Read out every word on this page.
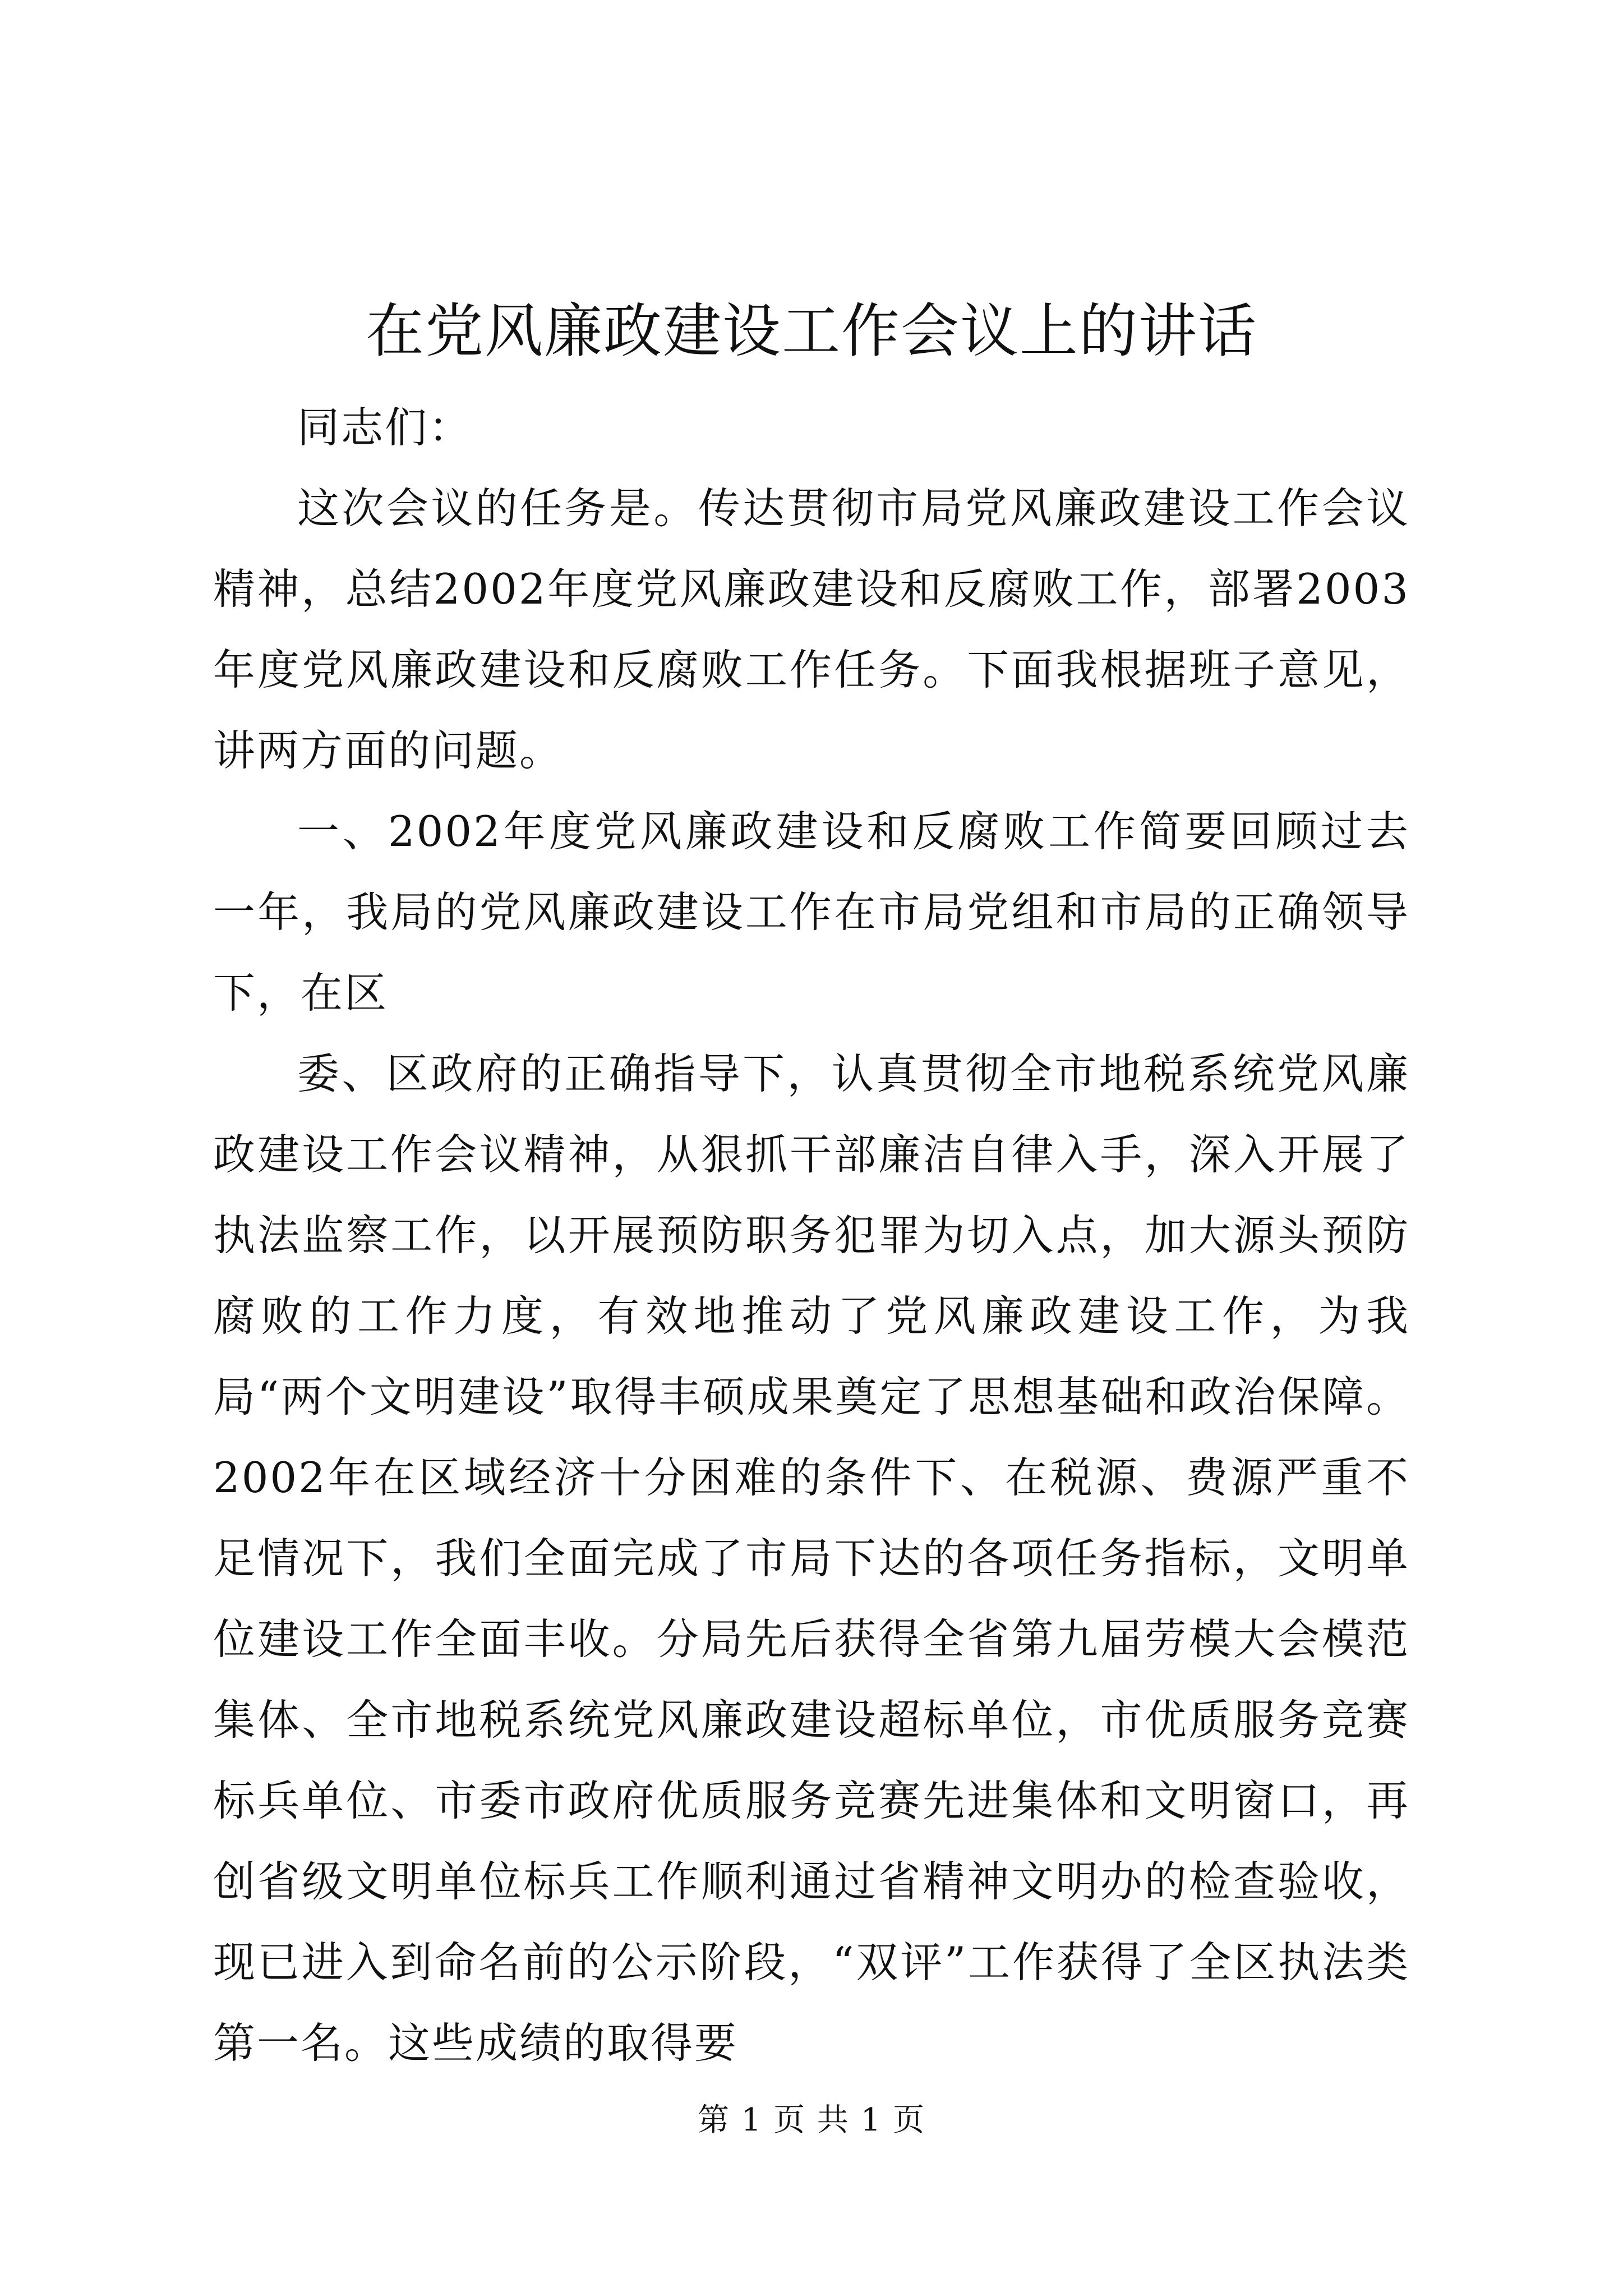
在党风廉政建设工作会议上的讲话

同志们：

这次会议的任务是。传达贯彻市局党风廉政建设工作会议精神，总结2002年度党风廉政建设和反腐败工作，部署2003年度党风廉政建设和反腐败工作任务。下面我根据班子意见，讲两方面的问题。

一、2002年度党风廉政建设和反腐败工作简要回顾过去一年，我局的党风廉政建设工作在市局党组和市局的正确领导下，在区

委、区政府的正确指导下，认真贯彻全市地税系统党风廉政建设工作会议精神，从狠抓干部廉洁自律入手，深入开展了执法监察工作，以开展预防职务犯罪为切入点，加大源头预防腐败的工作力度，有效地推动了党风廉政建设工作，为我局“两个文明建设”取得丰硕成果奠定了思想基础和政治保障。2002年在区域经济十分困难的条件下、在税源、费源严重不足情况下，我们全面完成了市局下达的各项任务指标，文明单位建设工作全面丰收。分局先后获得全省第九届劳模大会模范集体、全市地税系统党风廉政建设超标单位，市优质服务竞赛标兵单位、市委市政府优质服务竞赛先进集体和文明窗口，再创省级文明单位标兵工作顺利通过省精神文明办的检查验收，现已进入到命名前的公示阶段，“双评”工作获得了全区执法类第一名。这些成绩的取得要

第 1 页 共 1 页
